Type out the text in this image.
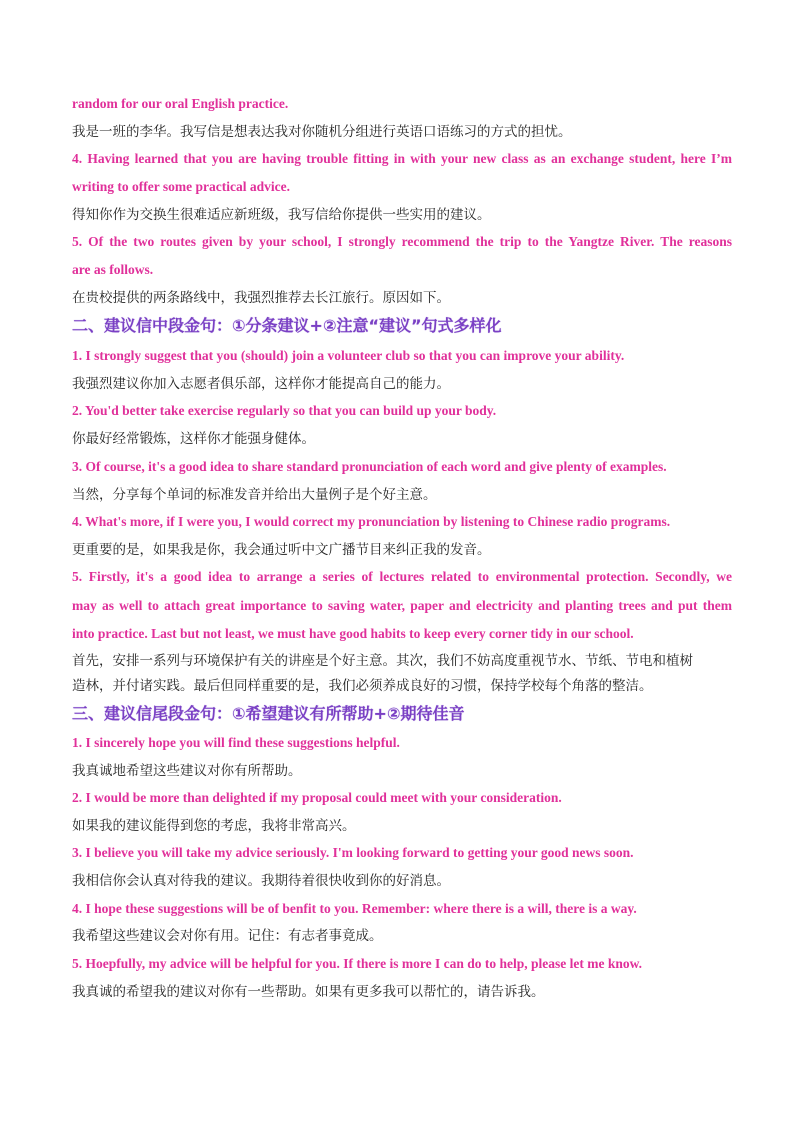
random for our oral English practice.
我是一班的李华。我写信是想表达我对你随机分组进行英语口语练习的方式的担忧。
4. Having learned that you are having trouble fitting in with your new class as an exchange student, here I’m
writing to offer some practical advice.
得知你作为交换生很难适应新班级，我写信给你提供一些实用的建议。
5. Of the two routes given by your school, I strongly recommend the trip to the Yangtze River. The reasons
are as follows.
在贵校提供的两条路线中，我强烈推荐去长江旅行。原因如下。
二、建议信中段金句：①分条建议+②注意“建议”句式多样化
1. I strongly suggest that you (should) join a volunteer club so that you can improve your ability.
我强烈建议你加入志愿者俱乐部，这样你才能提高自己的能力。
2. You'd better take exercise regularly so that you can build up your body.
你最好经常锻炼，这样你才能强身健体。
3. Of course, it's a good idea to share standard pronunciation of each word and give plenty of examples.
当然，分享每个单词的标准发音并给出大量例子是个好主意。
4. What's more, if I were you, I would correct my pronunciation by listening to Chinese radio programs.
更重要的是，如果我是你，我会通过听中文广播节目来纠正我的发音。
5. Firstly, it's a good idea to arrange a series of lectures related to environmental protection. Secondly, we
may as well to attach great importance to saving water, paper and electricity and planting trees and put them
into practice. Last but not least, we must have good habits to keep every corner tidy in our school.
首先，安排一系列与环境保护有关的讲座是个好主意。其次，我们不妨高度重视节水、节纸、节电和植树
造林，并付诸实践。最后但同样重要的是，我们必须养成良好的习惯，保持学校每个角落的整洁。
三、建议信尾段金句：①希望建议有所帮助+②期待佳音
1. I sincerely hope you will find these suggestions helpful.
我真诚地希望这些建议对你有所帮助。
2. I would be more than delighted if my proposal could meet with your consideration.
如果我的建议能得到您的考虑，我将非常高兴。
3. I believe you will take my advice seriously. I'm looking forward to getting your good news soon.
我相信你会认真对待我的建议。我期待着很快收到你的好消息。
4. I hope these suggestions will be of benfit to you. Remember: where there is a will, there is a way.
我希望这些建议会对你有用。记住：有志者事竟成。
5. Hoepfully, my advice will be helpful for you. If there is more I can do to help, please let me know.
我真诚的希望我的建议对你有一些帮助。如果有更多我可以帮忙的，请告诉我。
